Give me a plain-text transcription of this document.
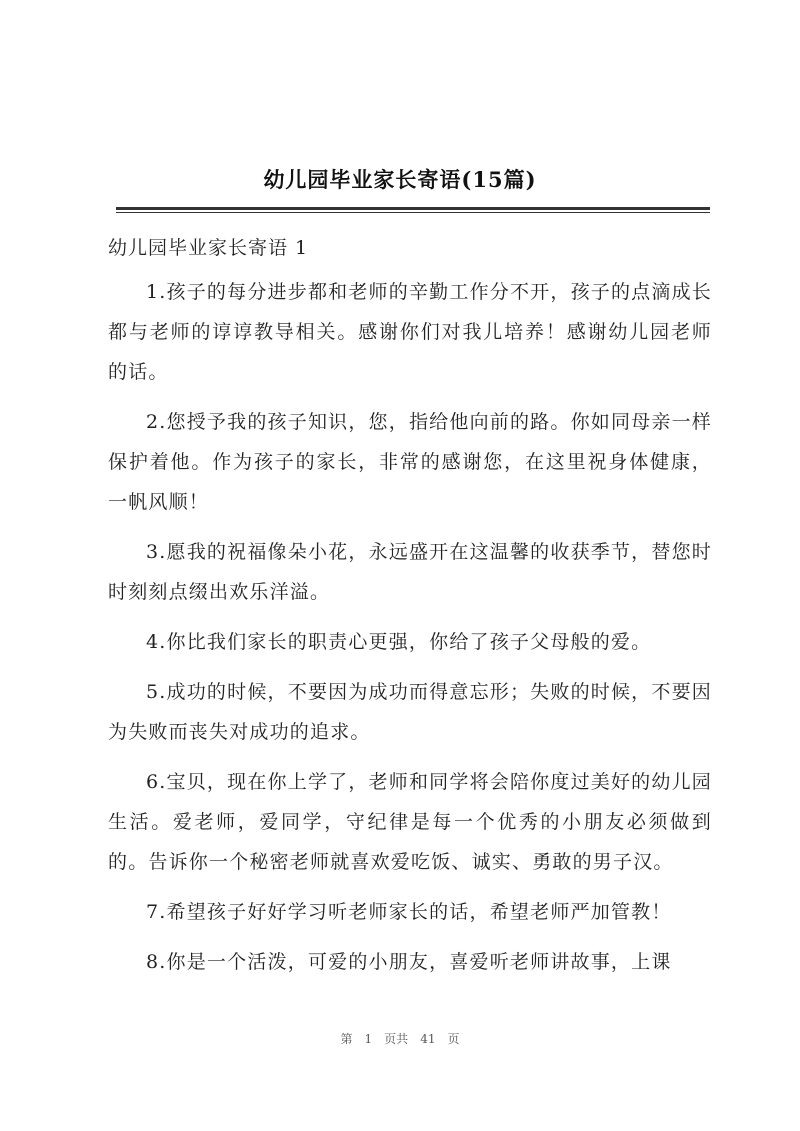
幼儿园毕业家长寄语(15篇)

幼儿园毕业家长寄语 1

1.孩子的每分进步都和老师的辛勤工作分不开，孩子的点滴成长都与老师的谆谆教导相关。感谢你们对我儿培养！感谢幼儿园老师的话。

2.您授予我的孩子知识，您，指给他向前的路。你如同母亲一样保护着他。作为孩子的家长，非常的感谢您，在这里祝身体健康，一帆风顺！

3.愿我的祝福像朵小花，永远盛开在这温馨的收获季节，替您时时刻刻点缀出欢乐洋溢。

4.你比我们家长的职责心更强，你给了孩子父母般的爱。

5.成功的时候，不要因为成功而得意忘形；失败的时候，不要因为失败而丧失对成功的追求。

6.宝贝，现在你上学了，老师和同学将会陪你度过美好的幼儿园生活。爱老师，爱同学，守纪律是每一个优秀的小朋友必须做到的。告诉你一个秘密老师就喜欢爱吃饭、诚实、勇敢的男子汉。

7.希望孩子好好学习听老师家长的话，希望老师严加管教！

8.你是一个活泼，可爱的小朋友，喜爱听老师讲故事，上课

第 1 页共 41 页
